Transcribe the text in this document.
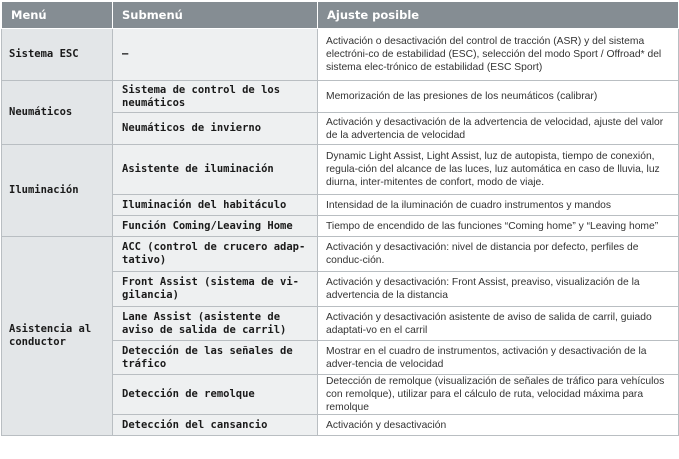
Menú	Submenú	Ajuste posible
Sistema ESC	–	Activación o desactivación del control de tracción (ASR) y del sistema electróni-co de estabilidad (ESC), selección del modo Sport / Offroad* del sistema elec-trónico de estabilidad (ESC Sport)
Neumáticos	Sistema de control de los neumáticos	Memorización de las presiones de los neumáticos (calibrar)
	Neumáticos de invierno	Activación y desactivación de la advertencia de velocidad, ajuste del valor de la advertencia de velocidad
Iluminación	Asistente de iluminación	Dynamic Light Assist, Light Assist, luz de autopista, tiempo de conexión, regula-ción del alcance de las luces, luz automática en caso de lluvia, luz diurna, inter-mitentes de confort, modo de viaje.
	Iluminación del habitáculo	Intensidad de la iluminación de cuadro instrumentos y mandos
	Función Coming/Leaving Home	Tiempo de encendido de las funciones “Coming home” y “Leaving home”
Asistencia al conductor	ACC (control de crucero adap-tativo)	Activación y desactivación: nivel de distancia por defecto, perfiles de conduc-ción.
	Front Assist (sistema de vi-gilancia)	Activación y desactivación: Front Assist, preaviso, visualización de la advertencia de la distancia
	Lane Assist (asistente de aviso de salida de carril)	Activación y desactivación asistente de aviso de salida de carril, guiado adaptati-vo en el carril
	Detección de las señales de tráfico	Mostrar en el cuadro de instrumentos, activación y desactivación de la adver-tencia de velocidad
	Detección de remolque	Detección de remolque (visualización de señales de tráfico para vehículos con remolque), utilizar para el cálculo de ruta, velocidad máxima para remolque
	Detección del cansancio	Activación y desactivación
